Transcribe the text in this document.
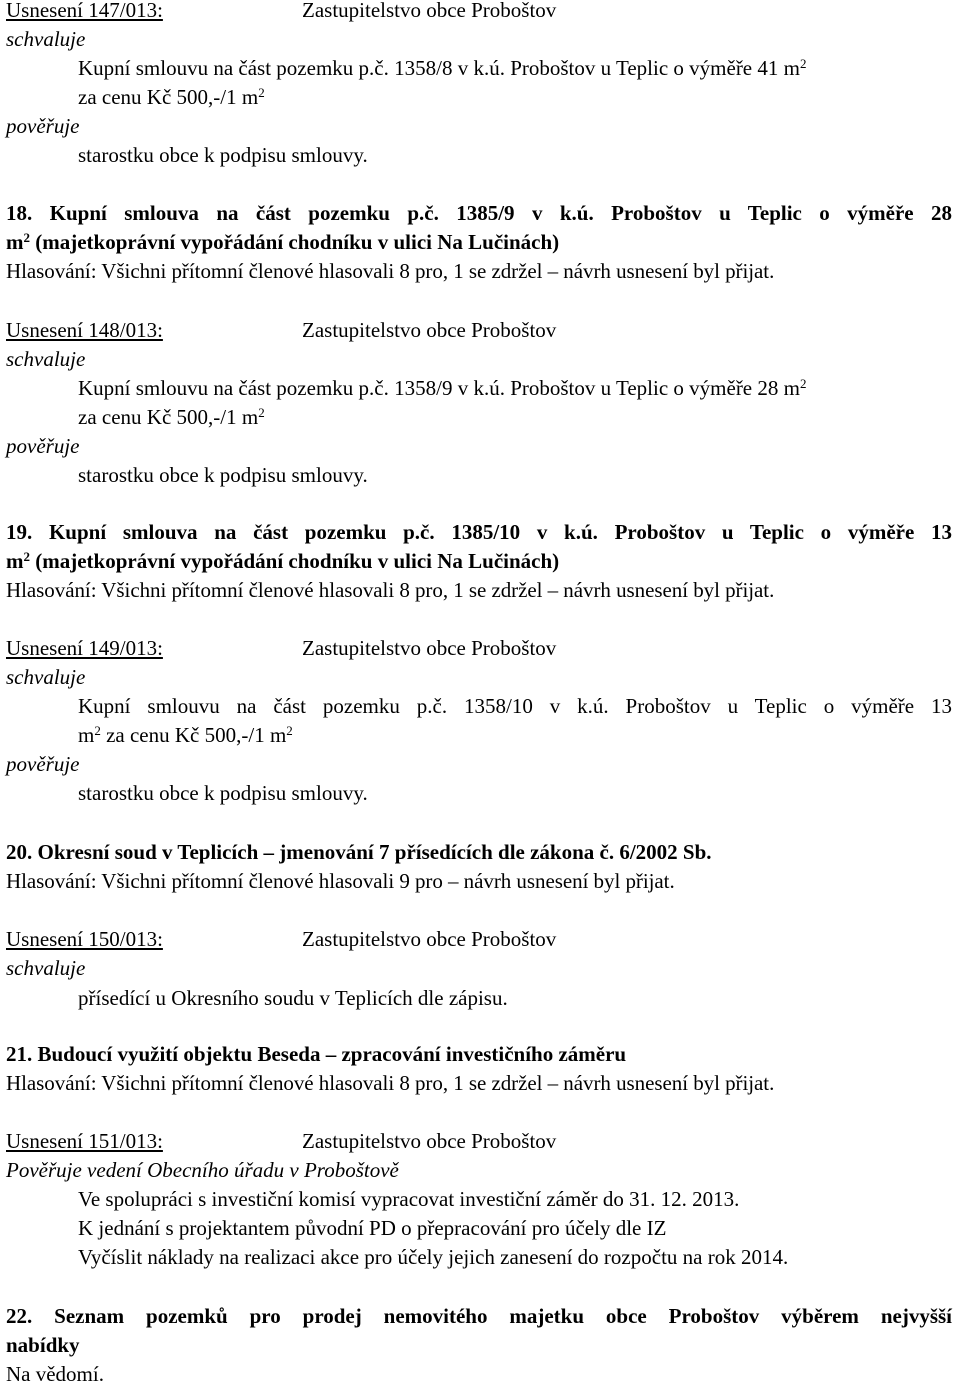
Usnesení 147/013:	Zastupitelstvo obce Proboštov
schvaluje
Kupní smlouvu na část pozemku p.č. 1358/8 v k.ú. Proboštov u Teplic o výměře 41 $m^2$
za cenu Kč 500,-/1 $m^2$
pověřuje
starostku obce k podpisu smlouvy.
18. Kupní smlouva na část pozemku p.č. 1385/9 v k.ú. Proboštov u Teplic o výměře 28
$m^2$ (majetkoprávní vypořádání chodníku v ulici Na Lučinách)
Hlasování: Všichni přítomní členové hlasovali 8 pro, 1 se zdržel – návrh usnesení byl přijat.
Usnesení 148/013:	Zastupitelstvo obce Proboštov
schvaluje
Kupní smlouvu na část pozemku p.č. 1358/9 v k.ú. Proboštov u Teplic o výměře 28 $m^2$
za cenu Kč 500,-/1 $m^2$
pověřuje
starostku obce k podpisu smlouvy.
19. Kupní smlouva na část pozemku p.č. 1385/10 v k.ú. Proboštov u Teplic o výměře 13
$m^2$ (majetkoprávní vypořádání chodníku v ulici Na Lučinách)
Hlasování: Všichni přítomní členové hlasovali 8 pro, 1 se zdržel – návrh usnesení byl přijat.
Usnesení 149/013:	Zastupitelstvo obce Proboštov
schvaluje
Kupní smlouvu na část pozemku p.č. 1358/10 v k.ú. Proboštov u Teplic o výměře 13
$m^2$ za cenu Kč 500,-/1 $m^2$
pověřuje
starostku obce k podpisu smlouvy.
20. Okresní soud v Teplicích – jmenování 7 přísedících dle zákona č. 6/2002 Sb.
Hlasování: Všichni přítomní členové hlasovali 9 pro – návrh usnesení byl přijat.
Usnesení 150/013:	Zastupitelstvo obce Proboštov
schvaluje
přísedící u Okresního soudu v Teplicích dle zápisu.
21. Budoucí využití objektu Beseda – zpracování investičního záměru
Hlasování: Všichni přítomní členové hlasovali 8 pro, 1 se zdržel – návrh usnesení byl přijat.
Usnesení 151/013:	Zastupitelstvo obce Proboštov
Pověřuje vedení Obecního úřadu v Proboštově
Ve spolupráci s investiční komisí vypracovat investiční záměr do 31. 12. 2013.
K jednání s projektantem původní PD o přepracování pro účely dle IZ
Vyčíslit náklady na realizaci akce pro účely jejich zanesení do rozpočtu na rok 2014.
22. Seznam pozemků pro prodej nemovitého majetku obce Proboštov výběrem nejvyšší
nabídky
Na vědomí.
